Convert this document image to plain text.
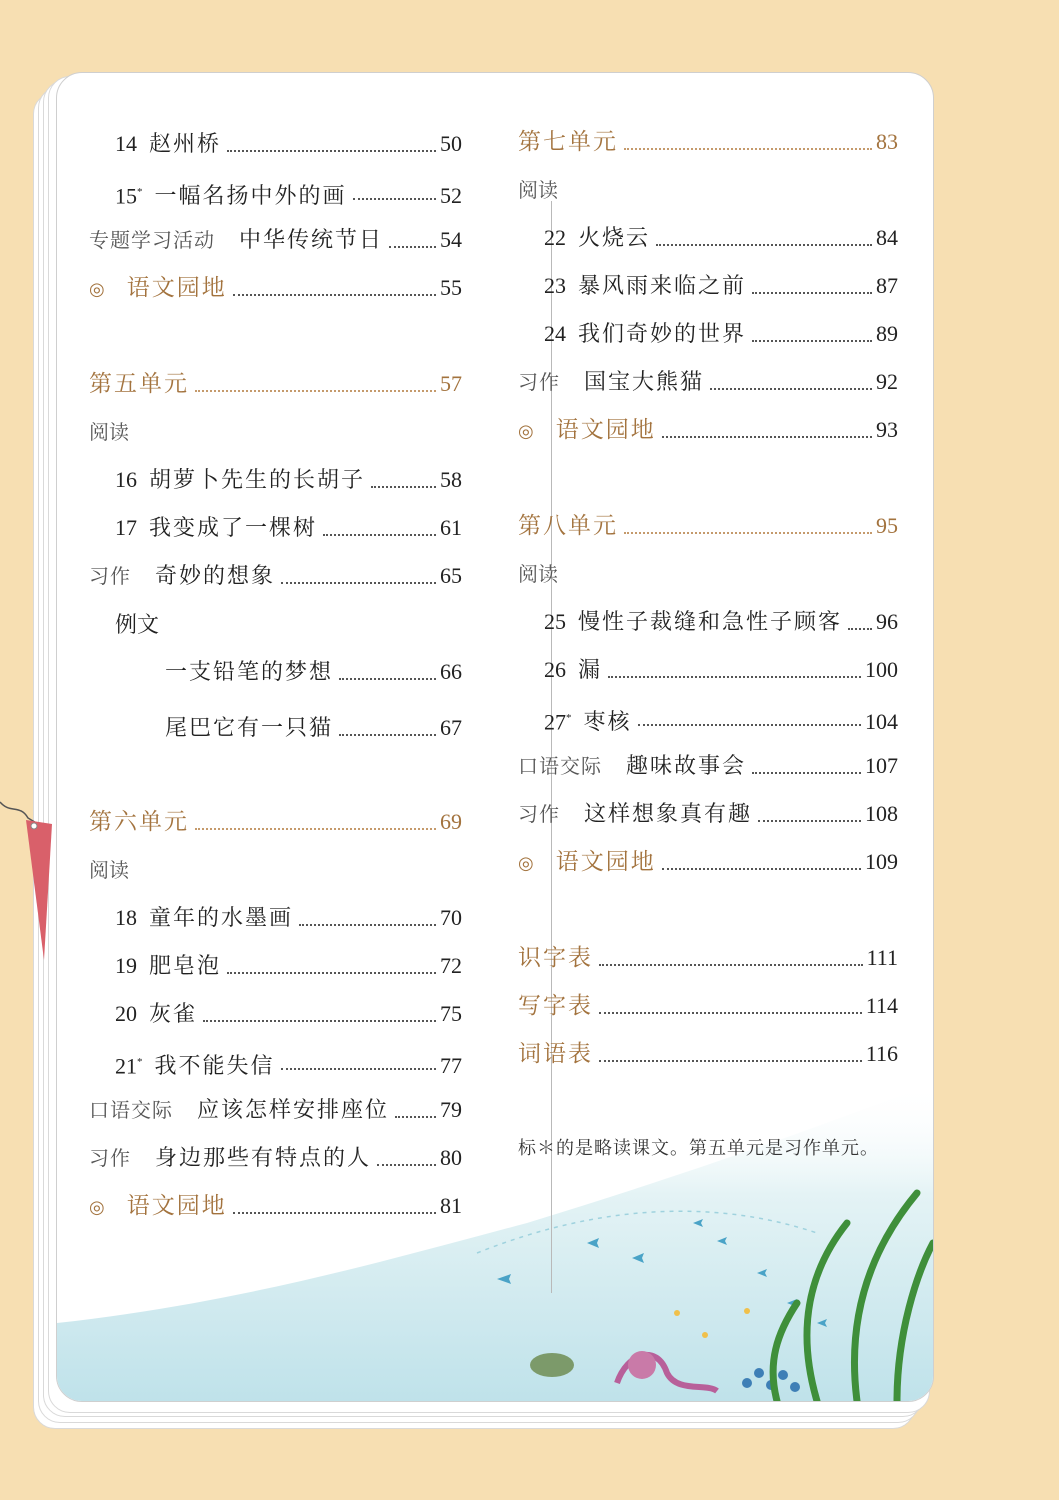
14 赵州桥	50
15* 一幅名扬中外的画	52
专题学习活动 中华传统节日	54
◎ 语文园地	55
第五单元	57
阅读
16 胡萝卜先生的长胡子	58
17 我变成了一棵树	61
习作 奇妙的想象	65
例文
一支铅笔的梦想	66
尾巴它有一只猫	67
第六单元	69
阅读
18 童年的水墨画	70
19 肥皂泡	72
20 灰雀	75
21* 我不能失信	77
口语交际 应该怎样安排座位 79
习作 身边那些有特点的人	80
◎ 语文园地	81
第七单元	83
阅读
22 火烧云	84
23 暴风雨来临之前	87
24 我们奇妙的世界	89
习作 国宝大熊猫	92
◎ 语文园地	93
第八单元	95
阅读
25 慢性子裁缝和急性子顾客 96
26 漏	100
27* 枣核	104
口语交际 趣味故事会	107
习作 这样想象真有趣	108
◎ 语文园地	109
识字表	111
写字表	114
词语表	116
标＊的是略读课文。第五单元是习作单元。
